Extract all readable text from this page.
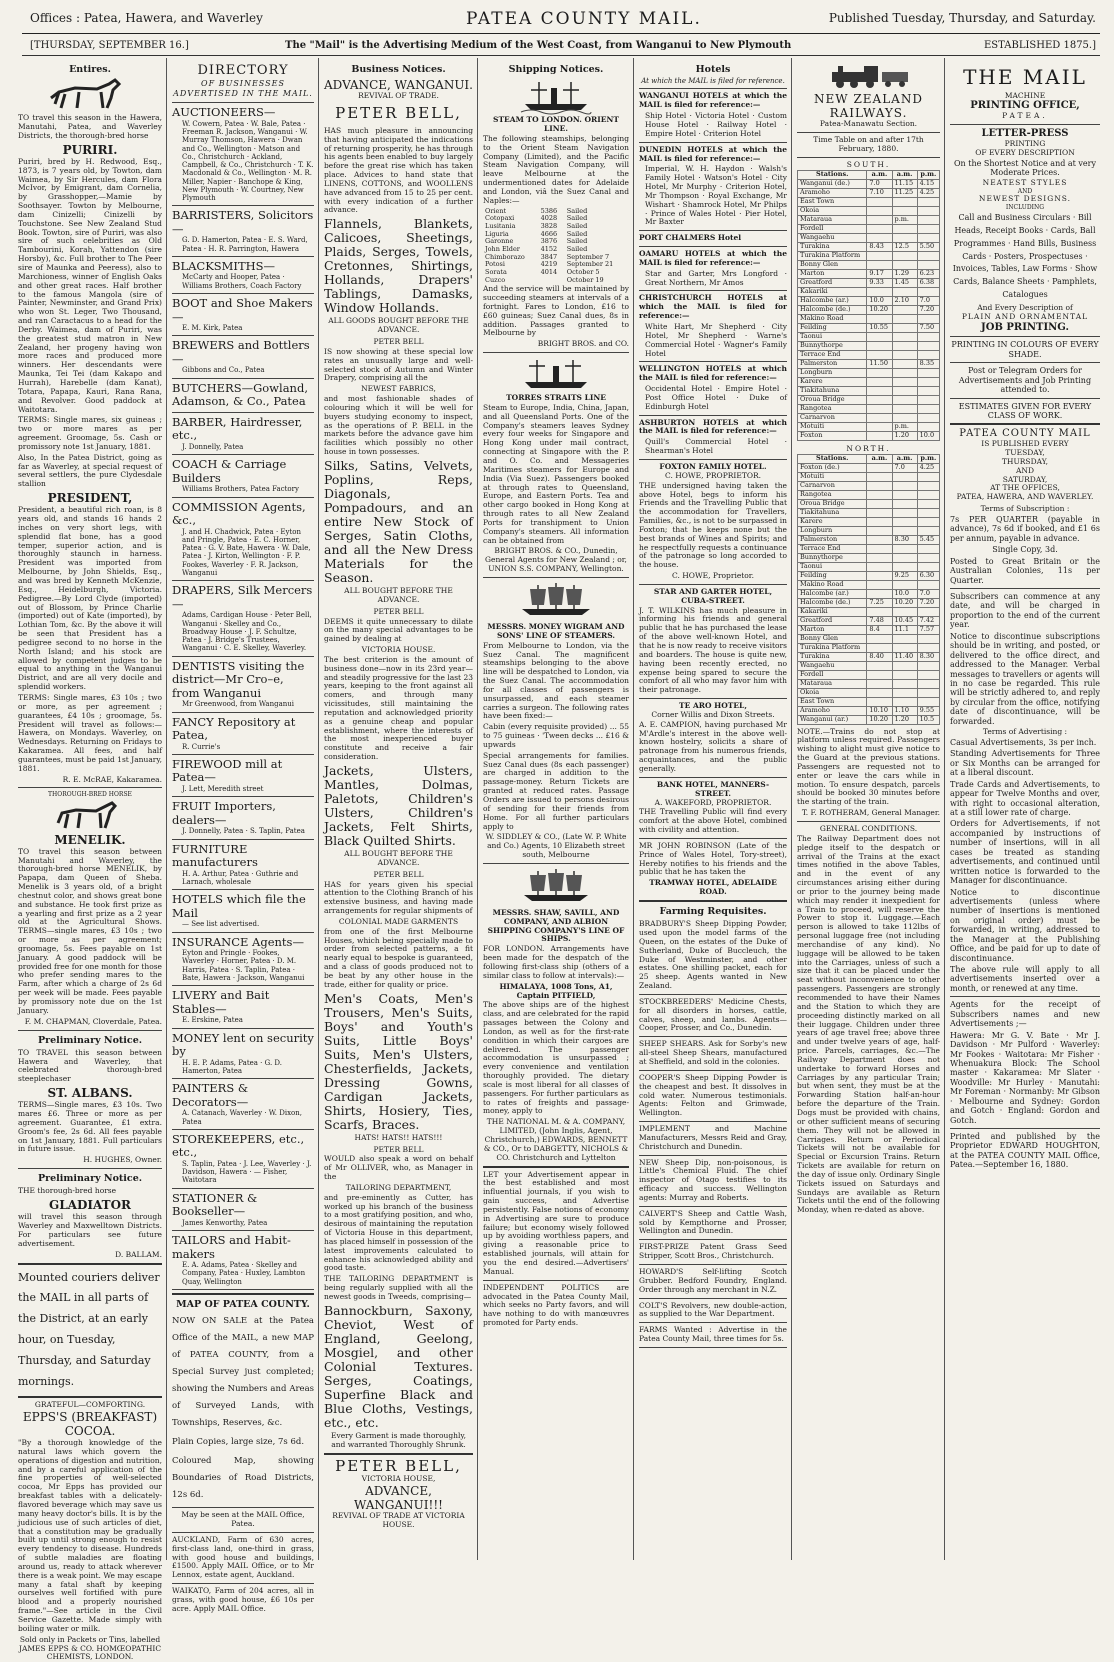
Offices : Patea, Hawera, and Waverley	PATEA COUNTY MAIL.	Published Tuesday, Thursday, and Saturday.
[THURSDAY, SEPTEMBER 16.]	The "Mail" is the Advertising Medium of the West Coast, from Wanganui to New Plymouth	ESTABLISHED 1875.]
Entires.

TO travel this season in the Hawera, Manutahi, Patea, and Waverley Districts, the thorough-bred horse

PURIRI.

Puriri, bred by H. Redwood, Esq., 1873, is 7 years old, by Towton, dam Waimea, by Sir Hercules, dam Flora McIvor, by Emigrant, dam Cornelia, by Grasshopper,—Mamie by Soothsayer. Towton by Melbourne, dam Cinizelli; Cinizelli by Touchstone. See New Zealand Stud Book. Towton, sire of Puriri, was also sire of such celebrities as Old Tambourini, Korah, Yattendon (sire Horsby), &c. Full brother to The Peer sire of Maunka and Peeress), also to Marchioness, winner of English Oaks and other great races. Half brother to the famous Mangola (sire of Painter, Newminster, and Grand Prix) who won St. Leger, Two Thousand, and ran Caractacus to a head for the Derby. Waimea, dam of Puriri, was the greatest stud matron in New Zealand, her progeny having won more races and produced more winners. Her descendants were Maunka, Tei Tei (dam Kakapo and Hurrah), Harebelle (dam Kanat), Totara, Papapa, Kauri, Rana Rana, and Revolver. Good paddock at Waitotara.

TERMS: Single mares, six guineas ; two or more mares as per agreement. Groomage, 5s. Cash or promissory note 1st January, 1881.

Also, In the Patea District, going as far as Waverley, at special request of several settlers, the pure Clydesdale stallion

PRESIDENT,

President, a beautiful rich roan, is 8 years old, and stands 16 hands 2 inches on very short legs, with splendid flat bone, has a good temper, superior action, and is thoroughly staunch in harness. President was imported from Melbourne, by John Shields, Esq., and was bred by Kenneth McKenzie, Esq., Heidelburgh, Victoria. Pedigree.—By Lord Clyde (imported) out of Blossom, by Prince Charlie (imported) out of Kate (imported), by Lothian Tom, &c. By the above it will be seen that President has a pedigree second to no horse in the North Island; and his stock are allowed by competent judges to be equal to anything in the Wanganui District, and are all very docile and splendid workers.

TERMS: Single mares, £3 10s ; two or more, as per agreement ; guarantees, £4 10s ; groomage, 5s. President will travel as follows:—Hawera, on Mondays. Waverley, on Wednesdays. Returning on Fridays to Kakaramea. All fees, and half guarantees, must be paid 1st January, 1881.

R. E. McRAE, Kakaramea.
THOROUGH-BRED HORSE
MENELIK.

TO travel this season between Manutahi and Waverley, the thorough-bred horse MENELIK, by Papapa, dam Queen of Sheba. Menelik is 3 years old, of a bright chestnut color, and shows great bone and substance. He took first prize as a yearling and first prize as a 2 year old at the Agricultural Shows. TERMS—single mares, £3 10s ; two or more as per agreement; groomage, 5s. Fees payable on 1st January. A good paddock will be provided free for one month for those who prefer sending mares to the Farm, after which a charge of 2s 6d per week will be made. Fees payable by promissory note due on the 1st January.

F. M. CHAPMAN, Cloverdale, Patea.
Preliminary Notice.

TO TRAVEL this season between Hawera and Waverley, that celebrated thorough-bred steeplechaser

ST. ALBANS.

TERMS—Single mares, £3 10s. Two mares £6. Three or more as per agreement. Guarantee, £1 extra. Groom's fee, 2s 6d. All fees payable on 1st January, 1881. Full particulars in future issue.

H. HUGHES, Owner.
Preliminary Notice.

THE thorough-bred horse

GLADIATOR

will travel this season through Waverley and Maxwelltown Districts. For particulars see future advertisement.

D. BALLAM.

Mounted couriers deliver the MAIL in all parts of the District, at an early hour, on Tuesday, Thursday, and Saturday mornings.

GRATEFUL—COMFORTING.
EPPS'S (BREAKFAST) COCOA.

"By a thorough knowledge of the natural laws which govern the operations of digestion and nutrition, and by a careful application of the fine properties of well-selected cocoa, Mr Epps has provided our breakfast tables with a delicately-flavored beverage which may save us many heavy doctor's bills. It is by the judicious use of such articles of diet, that a constitution may be gradually built up until strong enough to resist every tendency to disease. Hundreds of subtle maladies are floating around us, ready to attack wherever there is a weak point. We may escape many a fatal shaft by keeping ourselves well fortified with pure blood and a properly nourished frame."—See article in the Civil Service Gazette. Made simply with boiling water or milk.

Sold only in Packets or Tins, labelled JAMES EPPS & CO. HOMŒOPATHIC CHEMISTS, LONDON.

DIRECTORY
OF BUSINESSES ADVERTISED IN THE MAIL.
AUCTIONEERS—
W. Cowern, Patea · W. Bale, Patea · Freeman R. Jackson, Wanganui · W. Murray Thomson, Hawera · Dwan and Co., Wellington · Matson and Co., Christchurch · Ackland, Campbell, & Co., Christchurch · T. K. Macdonald & Co., Wellington · M. R. Miller, Napier · Banchope & King, New Plymouth · W. Courtney, New Plymouth
BARRISTERS, Solicitors—
G. D. Hamerton, Patea · E. S. Ward, Patea · H. R. Parrington, Hawera
BLACKSMITHS—
McCarty and Hooper, Patea · Williams Brothers, Coach Factory
BOOT and Shoe Makers—
E. M. Kirk, Patea
BREWERS and Bottlers—
Gibbons and Co., Patea
BUTCHERS—Gowland, Adamson, & Co., Patea
BARBER, Hairdresser, etc.,
J. Donnelly, Patea
COACH & Carriage Builders
Williams Brothers, Patea Factory
COMMISSION Agents, &c.,
J. and H. Chadwick, Patea · Eyton and Pringle, Patea · E. C. Horner, Patea · G. V. Bate, Hawera · W. Dale, Patea · J. Kirton, Wellington · F. P. Fookes, Waverley · F. R. Jackson, Wanganui
DRAPERS, Silk Mercers—
Adams, Cardigan House · Peter Bell, Wanganui · Skelley and Co., Broadway House · J. F. Schultze, Patea · J. Bridge's Trustees, Wanganui · C. E. Skelley, Waverley.
DENTISTS visiting the district—Mr Cro–e, from Wanganui
Mr Greenwood, from Wanganui
FANCY Repository at Patea,
R. Currie's
FIREWOOD mill at Patea—
J. Lett, Meredith street
FRUIT Importers, dealers—
J. Donnelly, Patea · S. Taplin, Patea
FURNITURE manufacturers
H. A. Arthur, Patea · Guthrie and Larnach, wholesale
HOTELS which file the Mail
— See list advertised.
INSURANCE Agents—
Eyton and Pringle · Fookes, Waverley · Horner, Patea · D. M. Harris, Patea · S. Taplin, Patea · Bate, Hawera · Jackson, Wanganui
LIVERY and Bait Stables—
E. Erskine, Patea
MONEY lent on security by
H. E. P. Adams, Patea · G. D. Hamerton, Patea
PAINTERS & Decorators—
A. Catanach, Waverley · W. Dixon, Patea
STOREKEEPERS, etc., etc.,
S. Taplin, Patea · J. Lee, Waverley · J. Davidson, Hawera · — Fisher, Waitotara
STATIONER & Bookseller—
James Kenworthy, Patea
TAILORS and Habit-makers
E. A. Adams, Patea · Skelley and Company, Patea · Huxley, Lambton Quay, Wellington
MAP OF PATEA COUNTY.

NOW ON SALE at the Patea Office of the MAIL, a new MAP of PATEA COUNTY, from a Special Survey just completed; showing the Numbers and Areas of Surveyed Lands, with Townships, Reserves, &c.

Plain Copies, large size, 7s 6d.

Coloured Map, showing Boundaries of Road Districts, 12s 6d.

May be seen at the MAIL Office, Patea.

AUCKLAND, Farm of 630 acres, first-class land, one-third in grass, with good house and buildings, £1500. Apply MAIL Office, or to Mr Lennox, estate agent, Auckland.

WAIKATO, Farm of 204 acres, all in grass, with good house, £6 10s per acre. Apply MAIL Office.

Business Notices.
ADVANCE, WANGANUI.
REVIVAL OF TRADE.
PETER BELL,

HAS much pleasure in announcing that having anticipated the indications of returning prosperity, he has through his agents been enabled to buy largely before the great rise which has taken place. Advices to hand state that LINENS, COTTONS, and WOOLLENS have advanced from 15 to 25 per cent. with every indication of a further advance.

Flannels, Blankets, Calicoes, Sheetings, Plaids, Serges, Towels, Cretonnes, Shirtings, Hollands, Drapers' Tablings, Damasks, Window Hollands.

ALL GOODS BOUGHT BEFORE THE ADVANCE.
PETER BELL

IS now showing at these special low rates an unusually large and well-selected stock of Autumn and Winter Drapery, comprising all the

NEWEST FABRICS,

and most fashionable shades of colouring which it will be well for buyers studying economy to inspect, as the operations of P. BELL in the markets before the advance gave him facilities which possibly no other house in town possesses.

Silks, Satins, Velvets, Poplins, Reps, Diagonals, Pompadours, and an entire New Stock of Serges, Satin Cloths, and all the New Dress Materials for the Season.

ALL BOUGHT BEFORE THE ADVANCE.
PETER BELL

DEEMS it quite unnecessary to dilate on the many special advantages to be gained by dealing at

VICTORIA HOUSE.

The best criterion is the amount of business done—now in its 23rd year—and steadily progressive for the last 23 years, keeping to the front against all comers, and through many vicissitudes, still maintaining the reputation and acknowledged priority as a genuine cheap and popular establishment, where the interests of the most inexperienced buyer constitute and receive a fair consideration.

Jackets, Ulsters, Mantles, Dolmas, Paletots, Children's Ulsters, Children's Jackets, Felt Shirts, Black Quilted Shirts.

ALL BOUGHT BEFORE THE ADVANCE.
PETER BELL

HAS for years given his special attention to the Clothing Branch of his extensive business, and having made arrangements for regular shipments of

COLONIAL MADE GARMENTS

from one of the first Melbourne Houses, which being specially made to order from selected patterns, a fit nearly equal to bespoke is guaranteed, and a class of goods produced not to be beat by any other house in the trade, either for quality or price.

Men's Coats, Men's Trousers, Men's Suits, Boys' and Youth's Suits, Little Boys' Suits, Men's Ulsters, Chesterfields, Jackets, Dressing Gowns, Cardigan Jackets, Shirts, Hosiery, Ties, Scarfs, Braces.

HATS! HATS!! HATS!!!
PETER BELL

WOULD also speak a word on behalf of Mr OLLIVER, who, as Manager in the

TAILORING DEPARTMENT,

and pre-eminently as Cutter, has worked up his branch of the business to a most gratifying position, and who, desirous of maintaining the reputation of Victoria House in this department, has placed himself in possession of the latest improvements calculated to enhance his acknowledged ability and good taste.

THE TAILORING DEPARTMENT is being regularly supplied with all the newest goods in Tweeds, comprising—

Bannockburn, Saxony, Cheviot, West of England, Geelong, Mosgiel, and other Colonial Textures. Serges, Coatings, Superfine Black and Blue Cloths, Vestings, etc., etc.

Every Garment is made thoroughly, and warranted Thoroughly Shrunk.

PETER BELL,
VICTORIA HOUSE,
ADVANCE, WANGANUI!!!
REVIVAL OF TRADE AT VICTORIA HOUSE.
Shipping Notices.
STEAM TO LONDON. ORIENT LINE.

The following steamships, belonging to the Orient Steam Navigation Company (Limited), and the Pacific Steam Navigation Company, will leave Melbourne at the undermentioned dates for Adelaide and London, viâ the Suez Canal and Naples:—

Orient	5386	Sailed
Cotopaxi	4028	Sailed
Lusitania	3828	Sailed
Liguria	4666	Sailed
Garonne	3876	Sailed
John Elder	4152	Sailed
Chimborazo	3847	September 7
Potosi	4219	September 21
Sorata	4014	October 5
Cuzco		October 19

And the service will be maintained by succeeding steamers at intervals of a fortnight. Fares to London, £16 to £60 guineas; Suez Canal dues, 8s in addition. Passages granted to Melbourne by

BRIGHT BROS. and CO.

TORRES STRAITS LINE

Steam to Europe, India, China, Japan, and all Queensland Ports. One of the Company's steamers leaves Sydney every four weeks for Singapore and Hong Kong under mail contract, connecting at Singapore with the P. and O. Co. and Messageries Maritimes steamers for Europe and India (Via Suez). Passengers booked at through rates to Queensland, Europe, and Eastern Ports. Tea and other cargo booked in Hong Kong at through rates to all New Zealand Ports for transhipment to Union Company's steamers. All information can be obtained from

BRIGHT BROS. & CO., Dunedin, General Agents for New Zealand ; or, UNION S.S. COMPANY, Wellington.

MESSRS. MONEY WIGRAM AND SONS' LINE OF STEAMERS.

From Melbourne to London, via the Suez Canal. The magnificent steamships belonging to the above line will be despatched to London, via the Suez Canal. The accommodation for all classes of passengers is unsurpassed, and each steamer carries a surgeon. The following rates have been fixed:—

Cabin (every requisite provided) ... 55 to 75 guineas · 'Tween decks ... £16 & upwards

Special arrangements for families. Suez Canal dues (8s each passenger) are charged in addition to the passage-money. Return Tickets are granted at reduced rates. Passage Orders are issued to persons desirous of sending for their friends from Home. For all further particulars apply to

W. SIDDLEY & CO., (Late W. P. White and Co.) Agents, 10 Elizabeth street south, Melbourne

MESSRS. SHAW, SAVILL, AND COMPANY, AND ALBION SHIPPING COMPANY'S LINE OF SHIPS.

FOR LONDON. Arrangements have been made for the despatch of the following first-class ship (others of a similar class to follow at intervals):—

HIMALAYA, 1008 Tons, A1, Captain PITFIELD,

The above ships are of the highest class, and are celebrated for the rapid passages between the Colony and London, as well as for the first-rate condition in which their cargoes are delivered. The passenger accommodation is unsurpassed ; every convenience and ventilation thoroughly provided. The dietary scale is most liberal for all classes of passengers. For further particulars as to rates of freights and passage-money, apply to

THE NATIONAL M. & A. COMPANY, LIMITED, (John Inglis, Agent, Christchurch,) EDWARDS, BENNETT & CO., Or to DABGETTY, NICHOLS & CO. Christchurch and Lyttelton

LET your Advertisement appear in the best established and most influential journals, if you wish to gain success, and Advertise persistently. False notions of economy in Advertising are sure to produce failure; but economy wisely followed up by avoiding worthless papers, and giving a reasonable price to established journals, will attain for you the end desired.—Advertisers' Manual.

INDEPENDENT POLITICS are advocated in the Patea County Mail, which seeks no Party favors, and will have nothing to do with manœuvres promoted for Party ends.

Hotels
At which the MAIL is filed for reference.

WANGANUI HOTELS at which the MAIL is filed for reference:—

Ship Hotel · Victoria Hotel · Custom House Hotel · Railway Hotel · Empire Hotel · Criterion Hotel

DUNEDIN HOTELS at which the MAIL is filed for reference:—

Imperial, W. H. Haydon · Walsh's Family Hotel · Watson's Hotel · City Hotel, Mr Murphy · Criterion Hotel, Mr Thompson · Royal Exchange, Mr Wishart · Shamrock Hotel, Mr Philps · Prince of Wales Hotel · Pier Hotel, Mr Baxter

PORT CHALMERS Hotel

OAMARU HOTELS at which the MAIL is filed for reference:—

Star and Garter, Mrs Longford · Great Northern, Mr Amos

CHRISTCHURCH HOTELS at which the MAIL is filed for reference:—

White Hart, Mr Shepherd · City Hotel, Mr Shepherd · Warne's Commercial Hotel · Wagner's Family Hotel

WELLINGTON HOTELS at which the MAIL is filed for reference:—

Occidental Hotel · Empire Hotel · Post Office Hotel · Duke of Edinburgh Hotel

ASHBURTON HOTELS at which the MAIL is filed for reference:—

Quill's Commercial Hotel · Shearman's Hotel

FOXTON FAMILY HOTEL.
C. HOWE, PROPRIETOR.

THE undersigned having taken the above Hotel, begs to inform his Friends and the Travelling Public that the accommodation for Travellers, Families, &c., is not to be surpassed in Foxton; that he keeps none but the best brands of Wines and Spirits; and he respectfully requests a continuance of the patronage so long accorded to the house.

C. HOWE, Proprietor.
STAR AND GARTER HOTEL, CUBA-STREET.

J. T. WILKINS has much pleasure in informing his friends and general public that he has purchased the lease of the above well-known Hotel, and that he is now ready to receive visitors and boarders. The house is quite new, having been recently erected, no expense being spared to secure the comfort of all who may favor him with their patronage.

TE ARO HOTEL,
Corner Willis and Dixon Streets.

A. E. CAMPION, having purchased Mr M'Ardle's interest in the above well-known hostelry, solicits a share of patronage from his numerous friends, acquaintances, and the public generally.

BANK HOTEL, MANNERS-STREET.
A. WAKEFORD, PROPRIETOR.

THE Travelling Public will find every comfort at the above Hotel, combined with civility and attention.

MR JOHN ROBINSON (Late of the Prince of Wales Hotel, Tory-street), Hereby notifies to his friends and the public that he has taken the

TRAMWAY HOTEL, ADELAIDE ROAD.
Farming Requisites.

BRADBURY'S Sheep Dipping Powder, used upon the model farms of the Queen, on the estates of the Duke of Sutherland, Duke of Buccleuch, the Duke of Westminster, and other estates. One shilling packet, each for 25 sheep. Agents wanted in New Zealand.

STOCKBREEDERS' Medicine Chests, for all disorders in horses, cattle, calves, sheep, and lambs. Agents—Cooper, Prosser, and Co., Dunedin.

SHEEP SHEARS. Ask for Sorby's new all-steel Sheep Shears, manufactured at Sheffield, and sold in the colonies.

COOPER'S Sheep Dipping Powder is the cheapest and best. It dissolves in cold water. Numerous testimonials. Agents: Felton and Grimwade, Wellington.

IMPLEMENT and Machine Manufacturers, Messrs Reid and Gray, Christchurch and Dunedin.

NEW Sheep Dip, non-poisonous, is Little's Chemical Fluid. The chief inspector of Otago testifies to its efficacy and success. Wellington agents: Murray and Roberts.

CALVERT'S Sheep and Cattle Wash, sold by Kempthorne and Prosser, Wellington and Dunedin.

FIRST-PRIZE Patent Grass Seed Stripper, Scott Bros., Christchurch.

HOWARD'S Self-lifting Scotch Grubber. Bedford Foundry, England. Order through any merchant in N.Z.

COLT'S Revolvers, new double-action, as supplied to the War Department.

FARMS Wanted : Advertise in the Patea County Mail, three times for 5s.

NEW ZEALAND RAILWAYS.
Patea-Manawatu Section.
Time Table on and after 17th February, 1880.
SOUTH.
Stations.	a.m.	a.m.	p.m.
Wanganui (de.)	7.0	11.15	4.15
Aramoho	7.10	11.25	4.25
East Town			
Okoia			
Mataraua		p.m.	
Fordell			
Wangaehu			
Turakina	8.43	12.5	5.50
Turakina Platform			
Bonny Glen			
Marton	9.17	1.29	6.23
Greatford	9.33	1.45	6.38
Kakariki			
Halcombe (ar.)	10.0	2.10	7.0
Halcombe (de.)	10.20		7.20
Makino Road			
Feilding	10.55		7.50
Taonui			
Bunnythorpe			
Terrace End			
Palmerston	11.50		8.35
Longburn			
Karere			
Tiakitahuna			
Oroua Bridge			
Rangotea			
Carnarvon			
Motuiti		p.m.	
Foxton		1.20	10.0
NORTH.
Stations.	a.m.	a.m.	p.m.
Foxton (de.)		7.0	4.25
Motuiti			
Carnarvon			
Rangotea			
Oroua Bridge			
Tiakitahuna			
Karere			
Longburn			
Palmerston		8.30	5.45
Terrace End			
Bunnythorpe			
Taonui			
Feilding		9.25	6.30
Makino Road			
Halcombe (ar.)		10.0	7.0
Halcombe (de.)	7.25	10.20	7.20
Kakariki			
Greatford	7.48	10.45	7.42
Marton	8.4	11.1	7.57
Bonny Glen			
Turakina Platform			
Turakina	8.40	11.40	8.30
Wangaehu			
Fordell			
Mataraua			
Okoia			
East Town			
Aramoho	10.10	1.10	9.55
Wanganui (ar.)	10.20	1.20	10.5

NOTE.—Trains do not stop at platform unless required. Passengers wishing to alight must give notice to the Guard at the previous stations. Passengers are requested not to enter or leave the cars while in motion. To ensure despatch, parcels should be booked 30 minutes before the starting of the train.

T. F. ROTHERAM, General Manager.

GENERAL CONDITIONS.

The Railway Department does not pledge itself to the despatch or arrival of the Trains at the exact times notified in the above Tables, and in the event of any circumstances arising either during or prior to the journey being made which may render it inexpedient for a Train to proceed, will reserve the Power to stop it. Luggage.—Each person is allowed to take 112lbs of personal luggage free (not including merchandise of any kind). No luggage will be allowed to be taken into the Carriages, unless of such a size that it can be placed under the seat without inconvenience to other passengers. Passengers are strongly recommended to have their Names and the Station to which they are proceeding distinctly marked on all their luggage. Children under three years of age travel free; above three and under twelve years of age, half-price. Parcels, carriages, &c.—The Railway Department does not undertake to forward Horses and Carriages by any particular Train; but when sent, they must be at the Forwarding Station half-an-hour before the departure of the Train. Dogs must be provided with chains, or other sufficient means of securing them. They will not be allowed in Carriages. Return or Periodical Tickets will not be available for Special or Excursion Trains. Return Tickets are available for return on the day of issue only. Ordinary Single Tickets issued on Saturdays and Sundays are available as Return Tickets until the end of the following Monday, when re-dated as above.

THE MAIL
MACHINE
PRINTING OFFICE,
PATEA.
LETTER-PRESS
PRINTING
OF EVERY DESCRIPTION

On the Shortest Notice and at very Moderate Prices.

NEATEST STYLES
AND
NEWEST DESIGNS.
INCLUDING

Call and Business Circulars · Bill Heads, Receipt Books · Cards, Ball Programmes · Hand Bills, Business Cards · Posters, Prospectuses · Invoices, Tables, Law Forms · Show Cards, Balance Sheets · Pamphlets, Catalogues

And Every Description of
PLAIN AND ORNAMENTAL
JOB PRINTING.

PRINTING IN COLOURS OF EVERY SHADE.

Post or Telegram Orders for Advertisements and Job Printing attended to.

ESTIMATES GIVEN FOR EVERY CLASS OF WORK.

PATEA COUNTY MAIL
IS PUBLISHED EVERY
TUESDAY,
THURSDAY,
AND
SATURDAY,
AT THE OFFICES,
PATEA, HAWERA, AND WAVERLEY.
Terms of Subscription :

7s PER QUARTER (payable in advance), 7s 6d if booked, and £1 6s per annum, payable in advance.

Single Copy, 3d.

Posted to Great Britain or the Australian Colonies, 11s per Quarter.

Subscribers can commence at any date, and will be charged in proportion to the end of the current year.

Notice to discontinue subscriptions should be in writing, and posted, or delivered to the office direct, and addressed to the Manager. Verbal messages to travellers or agents will in no case be regarded. This rule will be strictly adhered to, and reply by circular from the office, notifying date of discontinuance, will be forwarded.

Terms of Advertising :

Casual Advertisements, 3s per inch.

Standing Advertisements for Three or Six Months can be arranged for at a liberal discount.

Trade Cards and Advertisements, to appear for Twelve Months and over, with right to occasional alteration, at a still lower rate of charge.

Orders for Advertisements, if not accompanied by instructions of number of insertions, will in all cases be treated as standing advertisements, and continued until written notice is forwarded to the Manager for discontinuance.

Notice to discontinue advertisements (unless where number of insertions is mentioned on original order) must be forwarded, in writing, addressed to the Manager at the Publishing Office, and be paid for up to date of discontinuance.

The above rule will apply to all advertisements inserted over a month, or renewed at any time.

Agents for the receipt of Subscribers names and new Advertisements ;—

Hawera: Mr G. V. Bate · Mr J. Davidson · Mr Pulford · Waverley: Mr Fookes · Waitotara: Mr Fisher · Whenuakura Block: The School master · Kakaramea: Mr Slater · Woodville: Mr Hurley · Manutahi: Mr Foreman · Normanby: Mr Gibson · Melbourne and Sydney: Gordon and Gotch · England: Gordon and Gotch.

Printed and published by the Proprietor EDWARD HOUGHTON, at the PATEA COUNTY MAIL Office, Patea.—September 16, 1880.
